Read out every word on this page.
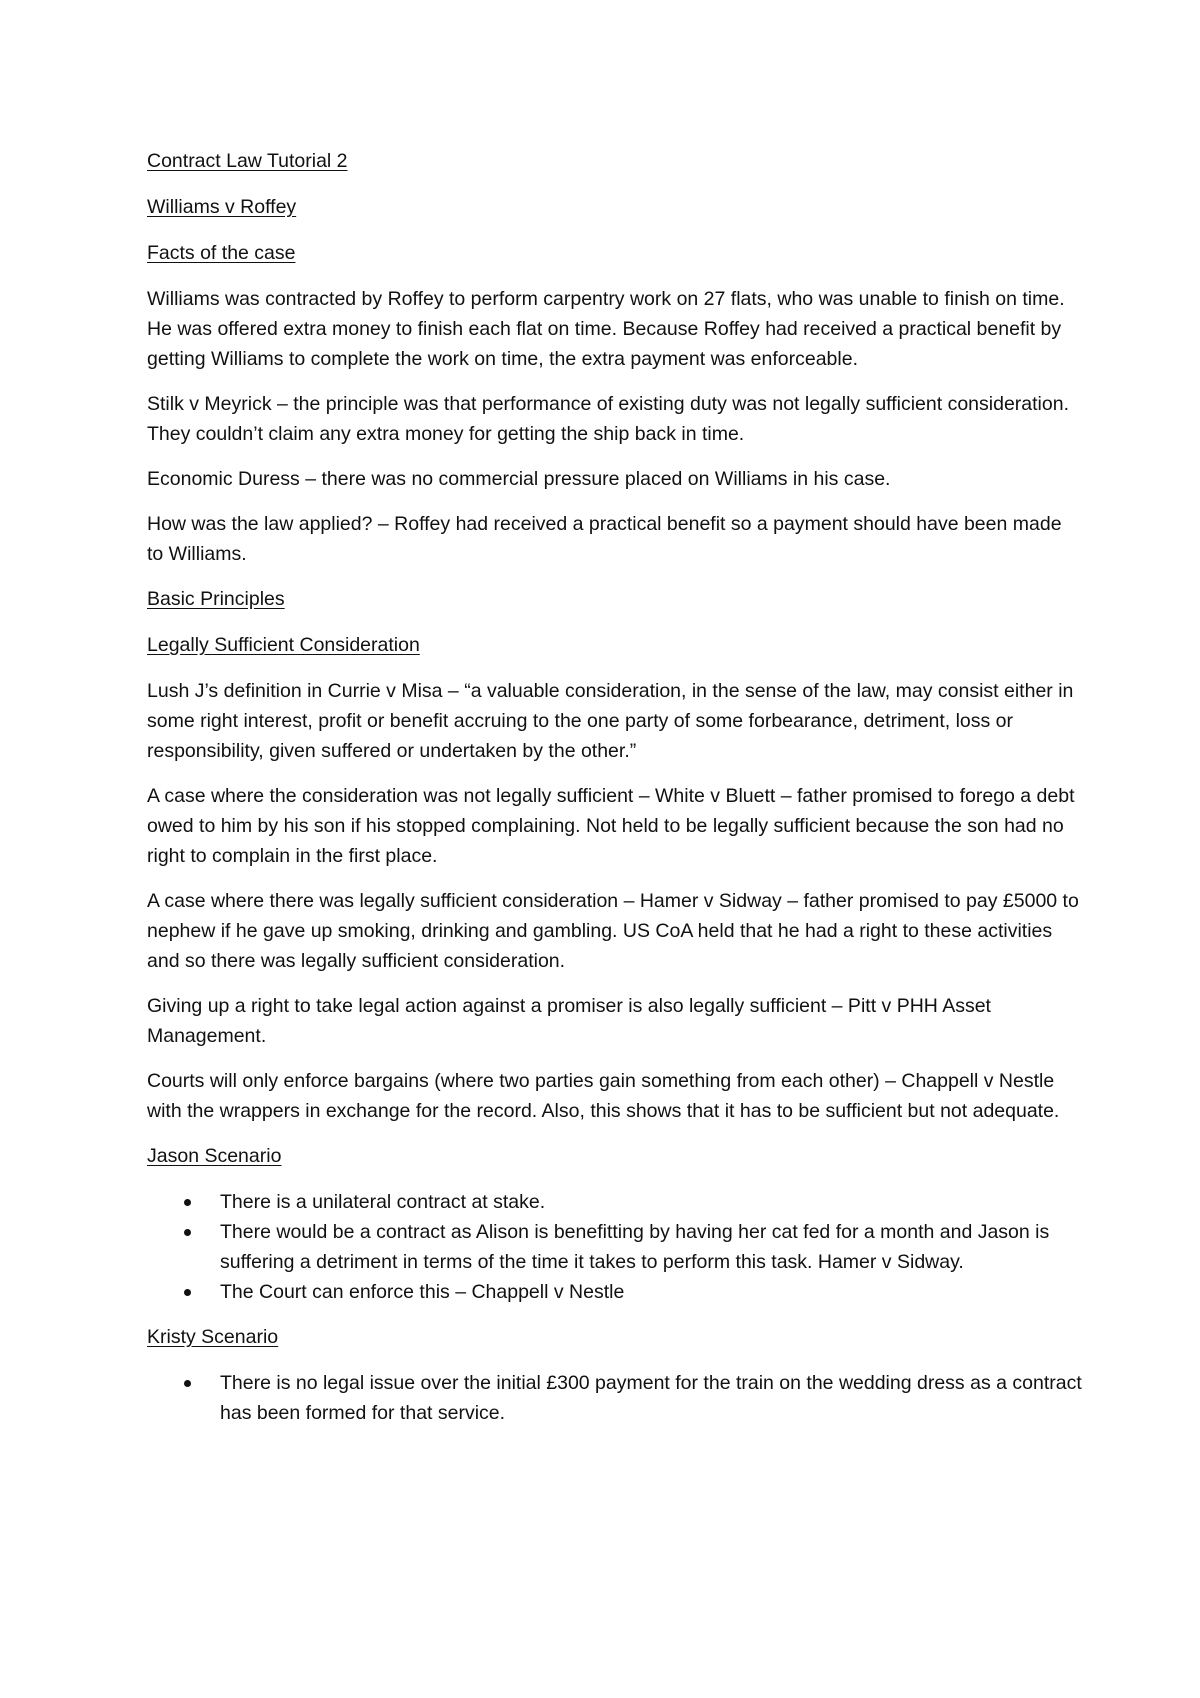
Contract Law Tutorial 2

Williams v Roffey

Facts of the case

Williams was contracted by Roffey to perform carpentry work on 27 flats, who was unable to finish on time. He was offered extra money to finish each flat on time. Because Roffey had received a practical benefit by getting Williams to complete the work on time, the extra payment was enforceable.

Stilk v Meyrick – the principle was that performance of existing duty was not legally sufficient consideration. They couldn’t claim any extra money for getting the ship back in time.

Economic Duress – there was no commercial pressure placed on Williams in his case.

How was the law applied? – Roffey had received a practical benefit so a payment should have been made to Williams.

Basic Principles

Legally Sufficient Consideration

Lush J’s definition in Currie v Misa – “a valuable consideration, in the sense of the law, may consist either in some right interest, profit or benefit accruing to the one party of some forbearance, detriment, loss or responsibility, given suffered or undertaken by the other.”

A case where the consideration was not legally sufficient – White v Bluett – father promised to forego a debt owed to him by his son if his stopped complaining. Not held to be legally sufficient because the son had no right to complain in the first place.

A case where there was legally sufficient consideration – Hamer v Sidway – father promised to pay £5000 to nephew if he gave up smoking, drinking and gambling. US CoA held that he had a right to these activities and so there was legally sufficient consideration.

Giving up a right to take legal action against a promiser is also legally sufficient – Pitt v PHH Asset Management.

Courts will only enforce bargains (where two parties gain something from each other) – Chappell v Nestle with the wrappers in exchange for the record. Also, this shows that it has to be sufficient but not adequate.

Jason Scenario

There is a unilateral contract at stake.
There would be a contract as Alison is benefitting by having her cat fed for a month and Jason is suffering a detriment in terms of the time it takes to perform this task. Hamer v Sidway.
The Court can enforce this – Chappell v Nestle

Kristy Scenario

There is no legal issue over the initial £300 payment for the train on the wedding dress as a contract has been formed for that service.
